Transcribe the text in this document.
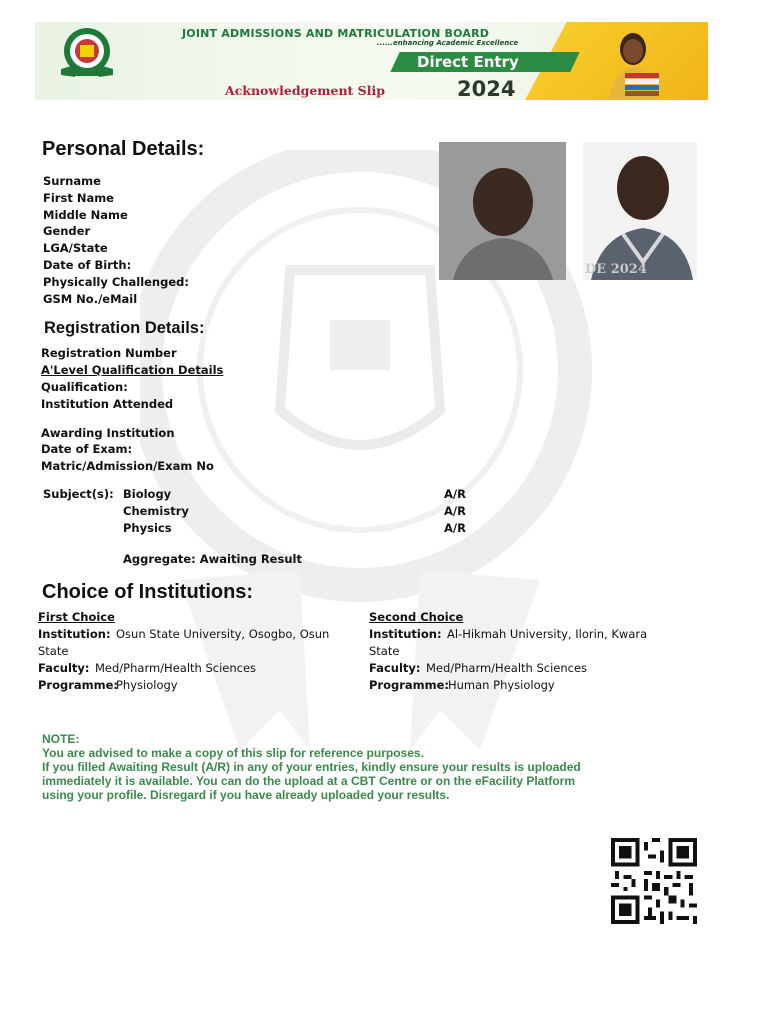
JOINT ADMISSIONS AND MATRICULATION BOARD
......enhancing Academic Excellence
Direct Entry
Acknowledgement Slip	2024
DE 2024
Personal Details:
Surname
First Name
Middle Name
Gender
LGA/State
Date of Birth:
Physically Challenged:
GSM No./eMail
Registration Details:
Registration Number
A'Level Qualification Details
Qualification:
Institution Attended
Awarding Institution
Date of Exam:
Matric/Admission/Exam No
Subject(s): Biology	A/R
Chemistry	A/R
Physics	A/R
Aggregate: Awaiting Result
Choice of Institutions:
First Choice
Institution: Osun State University, Osogbo, Osun
State
Faculty: Med/Pharm/Health Sciences
Programme:
Physiology
Second Choice
Institution: Al-Hikmah University, Ilorin, Kwara
State
Faculty: Med/Pharm/Health Sciences
Programme:
Human Physiology
NOTE:
You are advised to make a copy of this slip for reference purposes.
If you filled Awaiting Result (A/R) in any of your entries, kindly ensure your results is uploaded
immediately it is available. You can do the upload at a CBT Centre or on the eFacility Platform
using your profile. Disregard if you have already uploaded your results.
